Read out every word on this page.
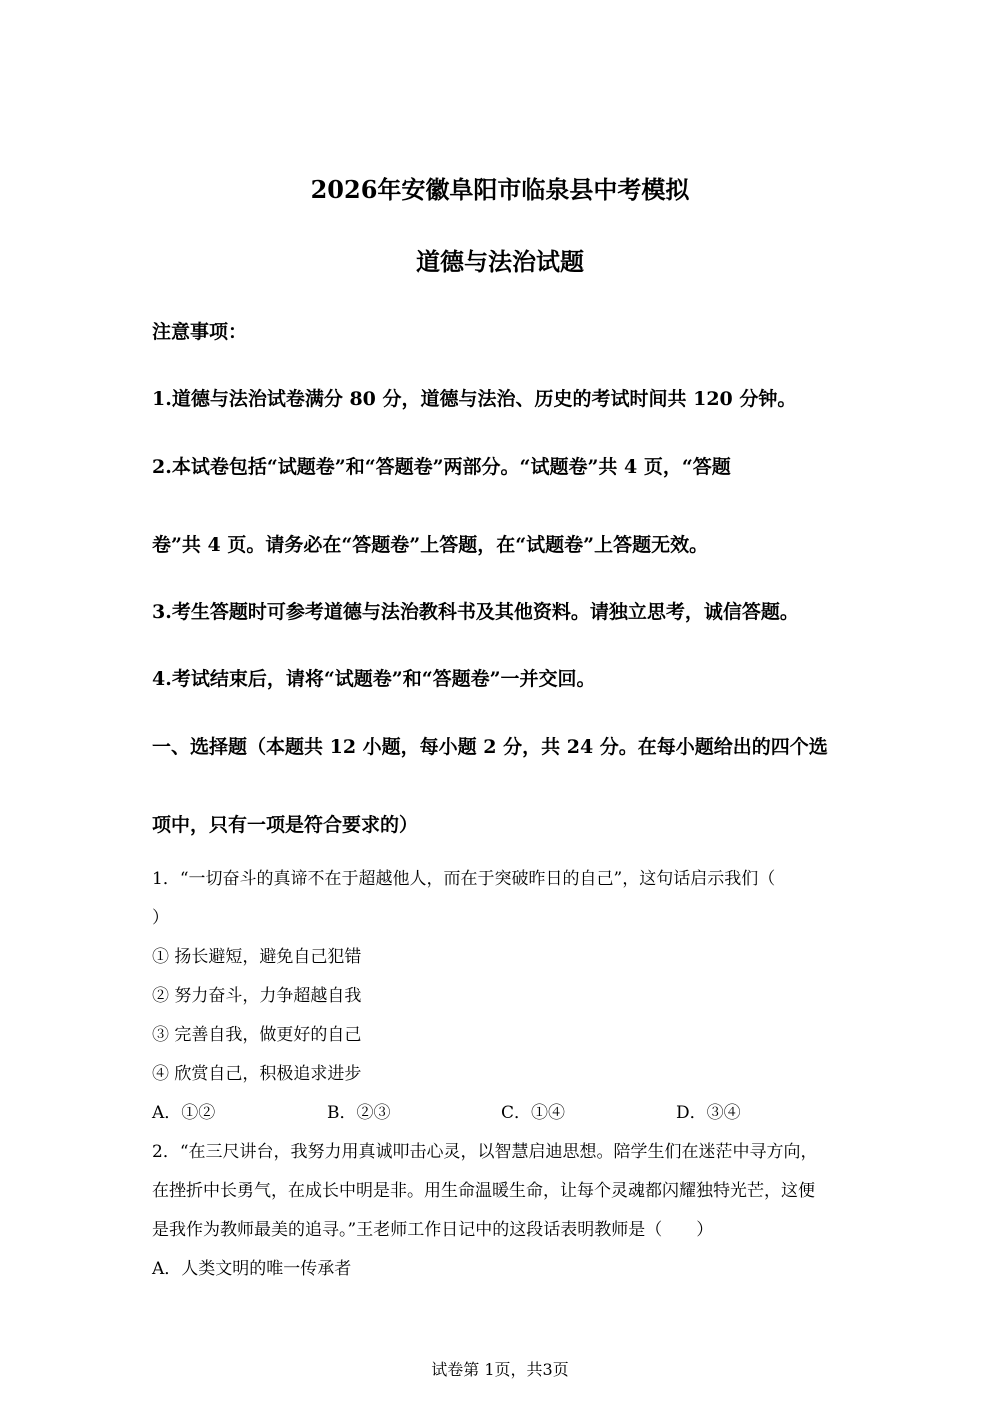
2026年安徽阜阳市临泉县中考模拟
道德与法治试题
注意事项：
1.道德与法治试卷满分 80 分，道德与法治、历史的考试时间共 120 分钟。
2.本试卷包括“试题卷”和“答题卷”两部分。“试题卷”共 4 页，“答题
卷”共 4 页。请务必在“答题卷”上答题，在“试题卷”上答题无效。
3.考生答题时可参考道德与法治教科书及其他资料。请独立思考，诚信答题。
4.考试结束后，请将“试题卷”和“答题卷”一并交回。
一、选择题（本题共 12 小题，每小题 2 分，共 24 分。在每小题给出的四个选
项中，只有一项是符合要求的）
1．“一切奋斗的真谛不在于超越他人，而在于突破昨日的自己”，这句话启示我们（
）
① 扬长避短，避免自己犯错
② 努力奋斗，力争超越自我
③ 完善自我，做更好的自己
④ 欣赏自己，积极追求进步
A．①②	B．②③	C．①④	D．③④
2．“在三尺讲台，我努力用真诚叩击心灵，以智慧启迪思想。陪学生们在迷茫中寻方向，
在挫折中长勇气，在成长中明是非。用生命温暖生命，让每个灵魂都闪耀独特光芒，这便
是我作为教师最美的追寻。”王老师工作日记中的这段话表明教师是（　　）
A．人类文明的唯一传承者
试卷第 1页，共3页
